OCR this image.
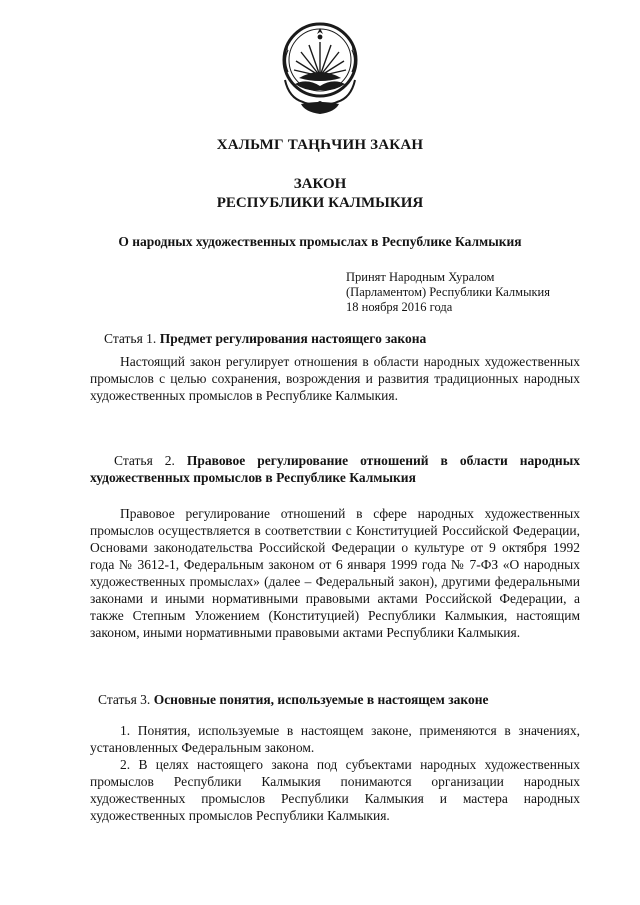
ХАЛЬМГ ТАҢҺЧИН ЗАКАН
ЗАКОН
РЕСПУБЛИКИ КАЛМЫКИЯ
О народных художественных промыслах в Республике Калмыкия
Принят Народным Хуралом
(Парламентом) Республики Калмыкия
18 ноября 2016 года
Статья 1. Предмет регулирования настоящего закона

Настоящий закон регулирует отношения в области народных художественных промыслов с целью сохранения, возрождения и развития традиционных народных художественных промыслов в Республике Калмыкия.

Статья 2. Правовое регулирование отношений в области народных художественных промыслов в Республике Калмыкия

Правовое регулирование отношений в сфере народных художественных промыслов осуществляется в соответствии с Конституцией Российской Федерации, Основами законодательства Российской Федерации о культуре от 9 октября 1992 года № 3612-1, Федеральным законом от 6 января 1999 года № 7-ФЗ «О народных художественных промыслах» (далее – Федеральный закон), другими федеральными законами и иными нормативными правовыми актами Российской Федерации, а также Степным Уложением (Конституцией) Республики Калмыкия, настоящим законом, иными нормативными правовыми актами Республики Калмыкия.

Статья 3. Основные понятия, используемые в настоящем законе

1. Понятия, используемые в настоящем законе, применяются в значениях, установленных Федеральным законом.

2. В целях настоящего закона под субъектами народных художественных промыслов Республики Калмыкия понимаются организации народных художественных промыслов Республики Калмыкия и мастера народных художественных промыслов Республики Калмыкия.
